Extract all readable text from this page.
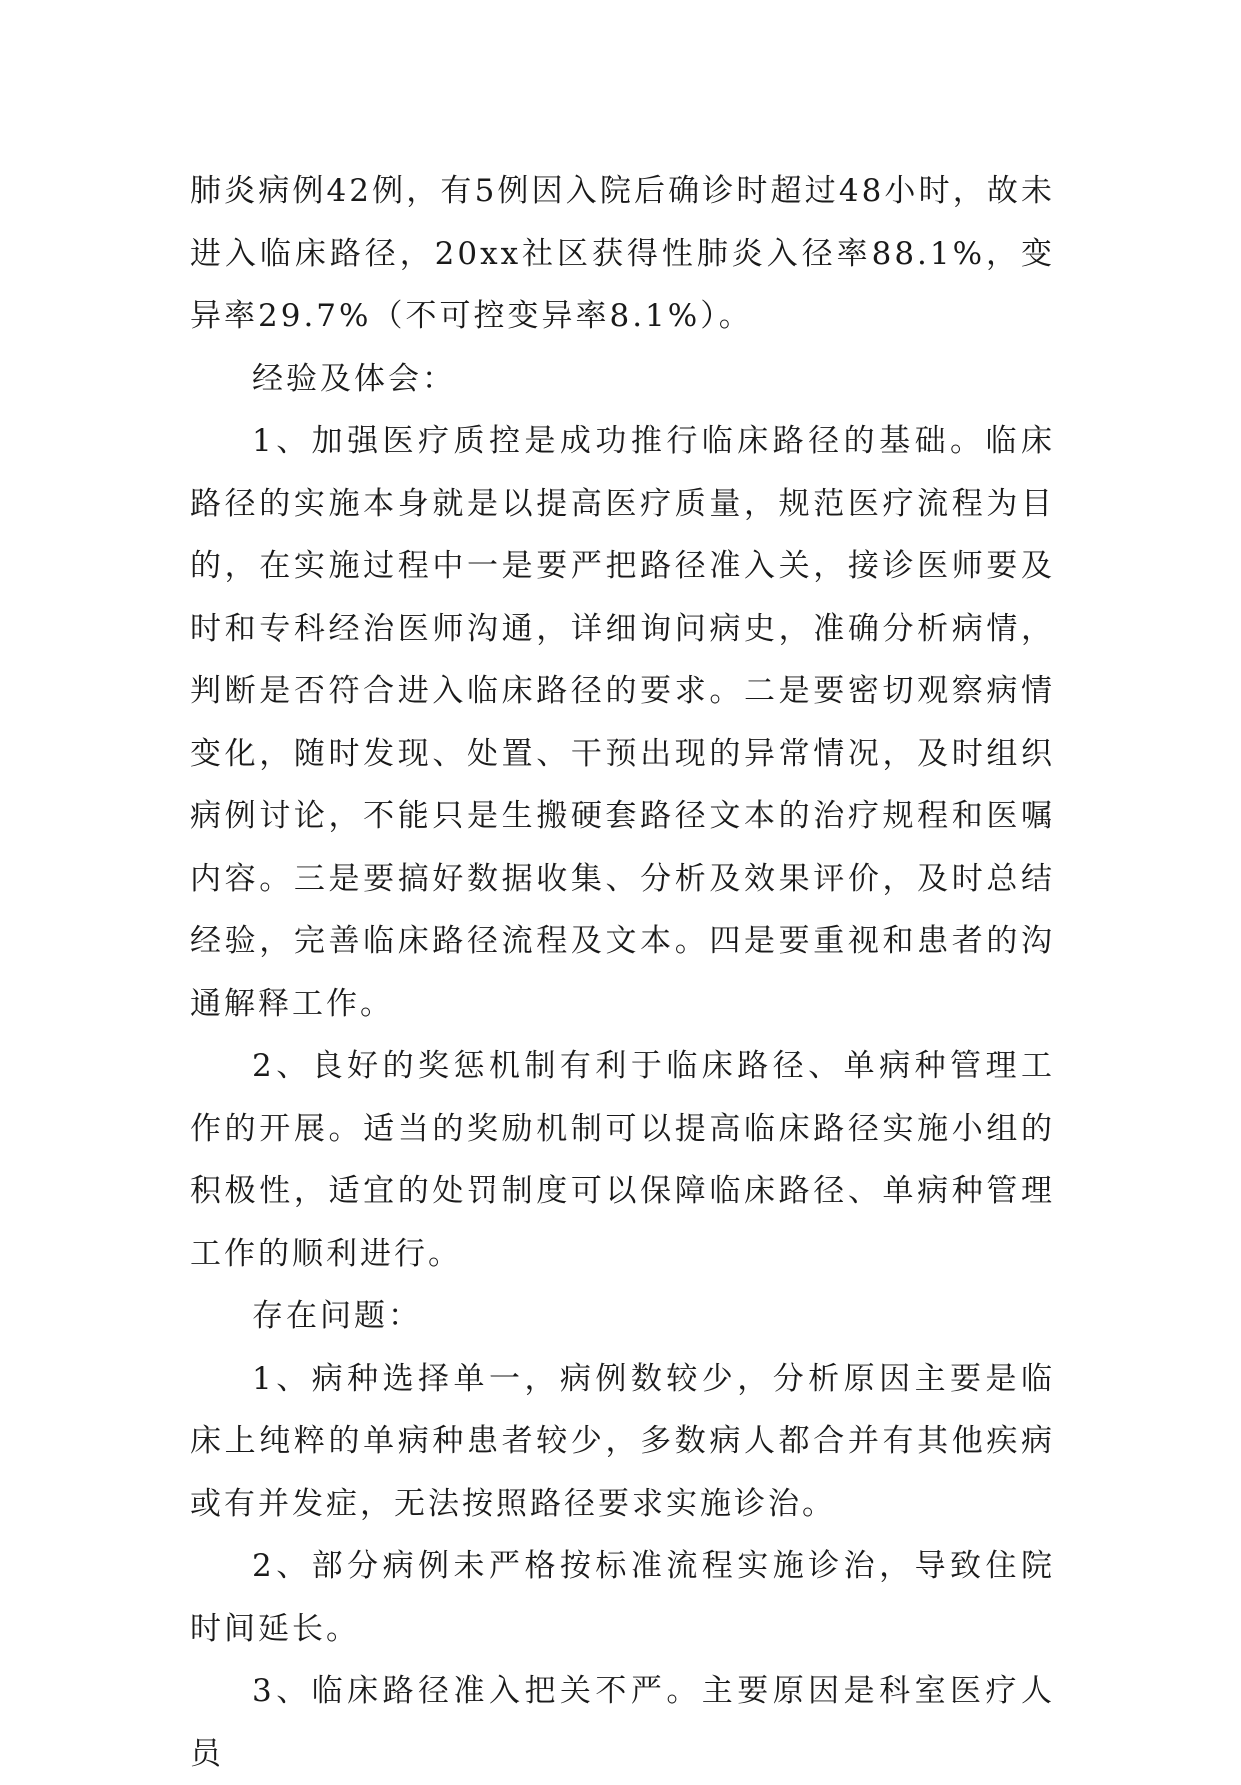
肺炎病例42例，有5例因入院后确诊时超过48小时，故未进入临床路径，20xx社区获得性肺炎入径率88.1%，变异率29.7%（不可控变异率8.1%）。

经验及体会：

1、加强医疗质控是成功推行临床路径的基础。临床路径的实施本身就是以提高医疗质量，规范医疗流程为目的，在实施过程中一是要严把路径准入关，接诊医师要及时和专科经治医师沟通，详细询问病史，准确分析病情，判断是否符合进入临床路径的要求。二是要密切观察病情变化，随时发现、处置、干预出现的异常情况，及时组织病例讨论，不能只是生搬硬套路径文本的治疗规程和医嘱内容。三是要搞好数据收集、分析及效果评价，及时总结经验，完善临床路径流程及文本。四是要重视和患者的沟通解释工作。

2、良好的奖惩机制有利于临床路径、单病种管理工作的开展。适当的奖励机制可以提高临床路径实施小组的积极性，适宜的处罚制度可以保障临床路径、单病种管理工作的顺利进行。

存在问题：

1、病种选择单一，病例数较少，分析原因主要是临床上纯粹的单病种患者较少，多数病人都合并有其他疾病或有并发症，无法按照路径要求实施诊治。

2、部分病例未严格按标准流程实施诊治，导致住院时间延长。

3、临床路径准入把关不严。主要原因是科室医疗人员
